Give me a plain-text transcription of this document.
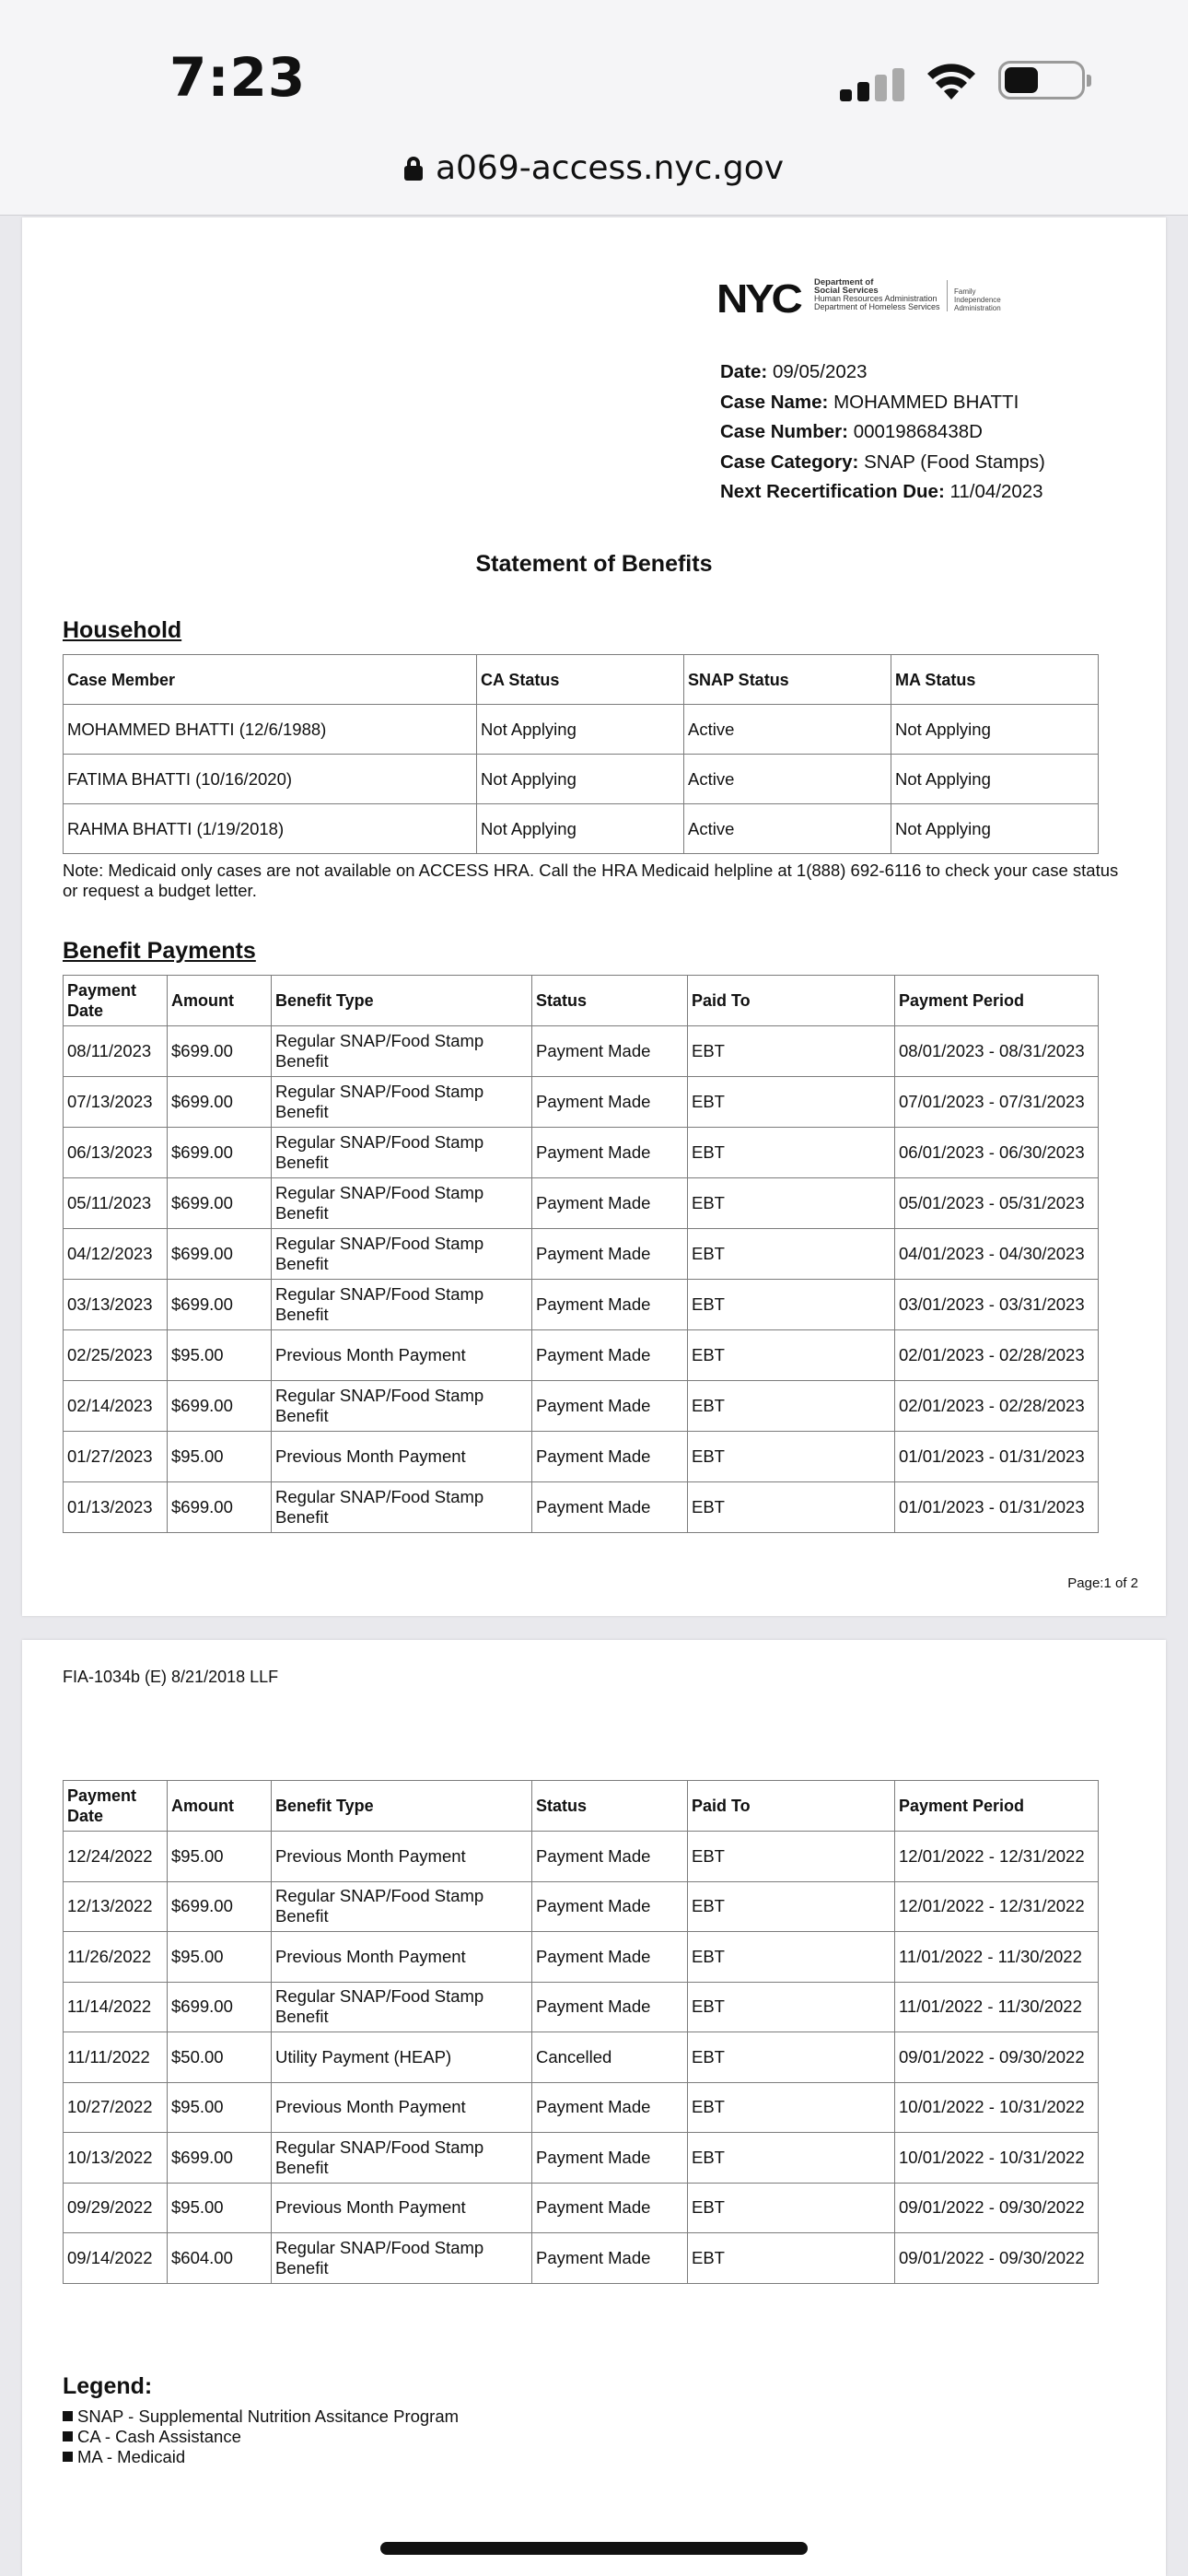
7:23
a069-access.nyc.gov
NYC Department of
Social Services
Human Resources Administration
Department of Homeless Services
Family Independence
Administration
Date: 09/05/2023
Case Name: MOHAMMED BHATTI
Case Number: 00019868438D
Case Category: SNAP (Food Stamps)
Next Recertification Due: 11/04/2023
Statement of Benefits
Household
Case Member	CA Status	SNAP Status	MA Status
MOHAMMED BHATTI (12/6/1988)	Not Applying	Active	Not Applying
FATIMA BHATTI (10/16/2020)	Not Applying	Active	Not Applying
RAHMA BHATTI (1/19/2018)	Not Applying	Active	Not Applying
Note: Medicaid only cases are not available on ACCESS HRA. Call the HRA Medicaid helpline at 1(888) 692-6116 to check your case status or request a budget letter.
Benefit Payments
Payment Date	Amount	Benefit Type	Status	Paid To	Payment Period
08/11/2023	$699.00	Regular SNAP/Food Stamp Benefit	Payment Made	EBT	08/01/2023 - 08/31/2023
07/13/2023	$699.00	Regular SNAP/Food Stamp Benefit	Payment Made	EBT	07/01/2023 - 07/31/2023
06/13/2023	$699.00	Regular SNAP/Food Stamp Benefit	Payment Made	EBT	06/01/2023 - 06/30/2023
05/11/2023	$699.00	Regular SNAP/Food Stamp Benefit	Payment Made	EBT	05/01/2023 - 05/31/2023
04/12/2023	$699.00	Regular SNAP/Food Stamp Benefit	Payment Made	EBT	04/01/2023 - 04/30/2023
03/13/2023	$699.00	Regular SNAP/Food Stamp Benefit	Payment Made	EBT	03/01/2023 - 03/31/2023
02/25/2023	$95.00	Previous Month Payment	Payment Made	EBT	02/01/2023 - 02/28/2023
02/14/2023	$699.00	Regular SNAP/Food Stamp Benefit	Payment Made	EBT	02/01/2023 - 02/28/2023
01/27/2023	$95.00	Previous Month Payment	Payment Made	EBT	01/01/2023 - 01/31/2023
01/13/2023	$699.00	Regular SNAP/Food Stamp Benefit	Payment Made	EBT	01/01/2023 - 01/31/2023
Page:1 of 2
FIA-1034b (E) 8/21/2018 LLF
Payment Date	Amount	Benefit Type	Status	Paid To	Payment Period
12/24/2022	$95.00	Previous Month Payment	Payment Made	EBT	12/01/2022 - 12/31/2022
12/13/2022	$699.00	Regular SNAP/Food Stamp Benefit	Payment Made	EBT	12/01/2022 - 12/31/2022
11/26/2022	$95.00	Previous Month Payment	Payment Made	EBT	11/01/2022 - 11/30/2022
11/14/2022	$699.00	Regular SNAP/Food Stamp Benefit	Payment Made	EBT	11/01/2022 - 11/30/2022
11/11/2022	$50.00	Utility Payment (HEAP)	Cancelled	EBT	09/01/2022 - 09/30/2022
10/27/2022	$95.00	Previous Month Payment	Payment Made	EBT	10/01/2022 - 10/31/2022
10/13/2022	$699.00	Regular SNAP/Food Stamp Benefit	Payment Made	EBT	10/01/2022 - 10/31/2022
09/29/2022	$95.00	Previous Month Payment	Payment Made	EBT	09/01/2022 - 09/30/2022
09/14/2022	$604.00	Regular SNAP/Food Stamp Benefit	Payment Made	EBT	09/01/2022 - 09/30/2022
Legend:
SNAP - Supplemental Nutrition Assitance Program
CA - Cash Assistance
MA - Medicaid
